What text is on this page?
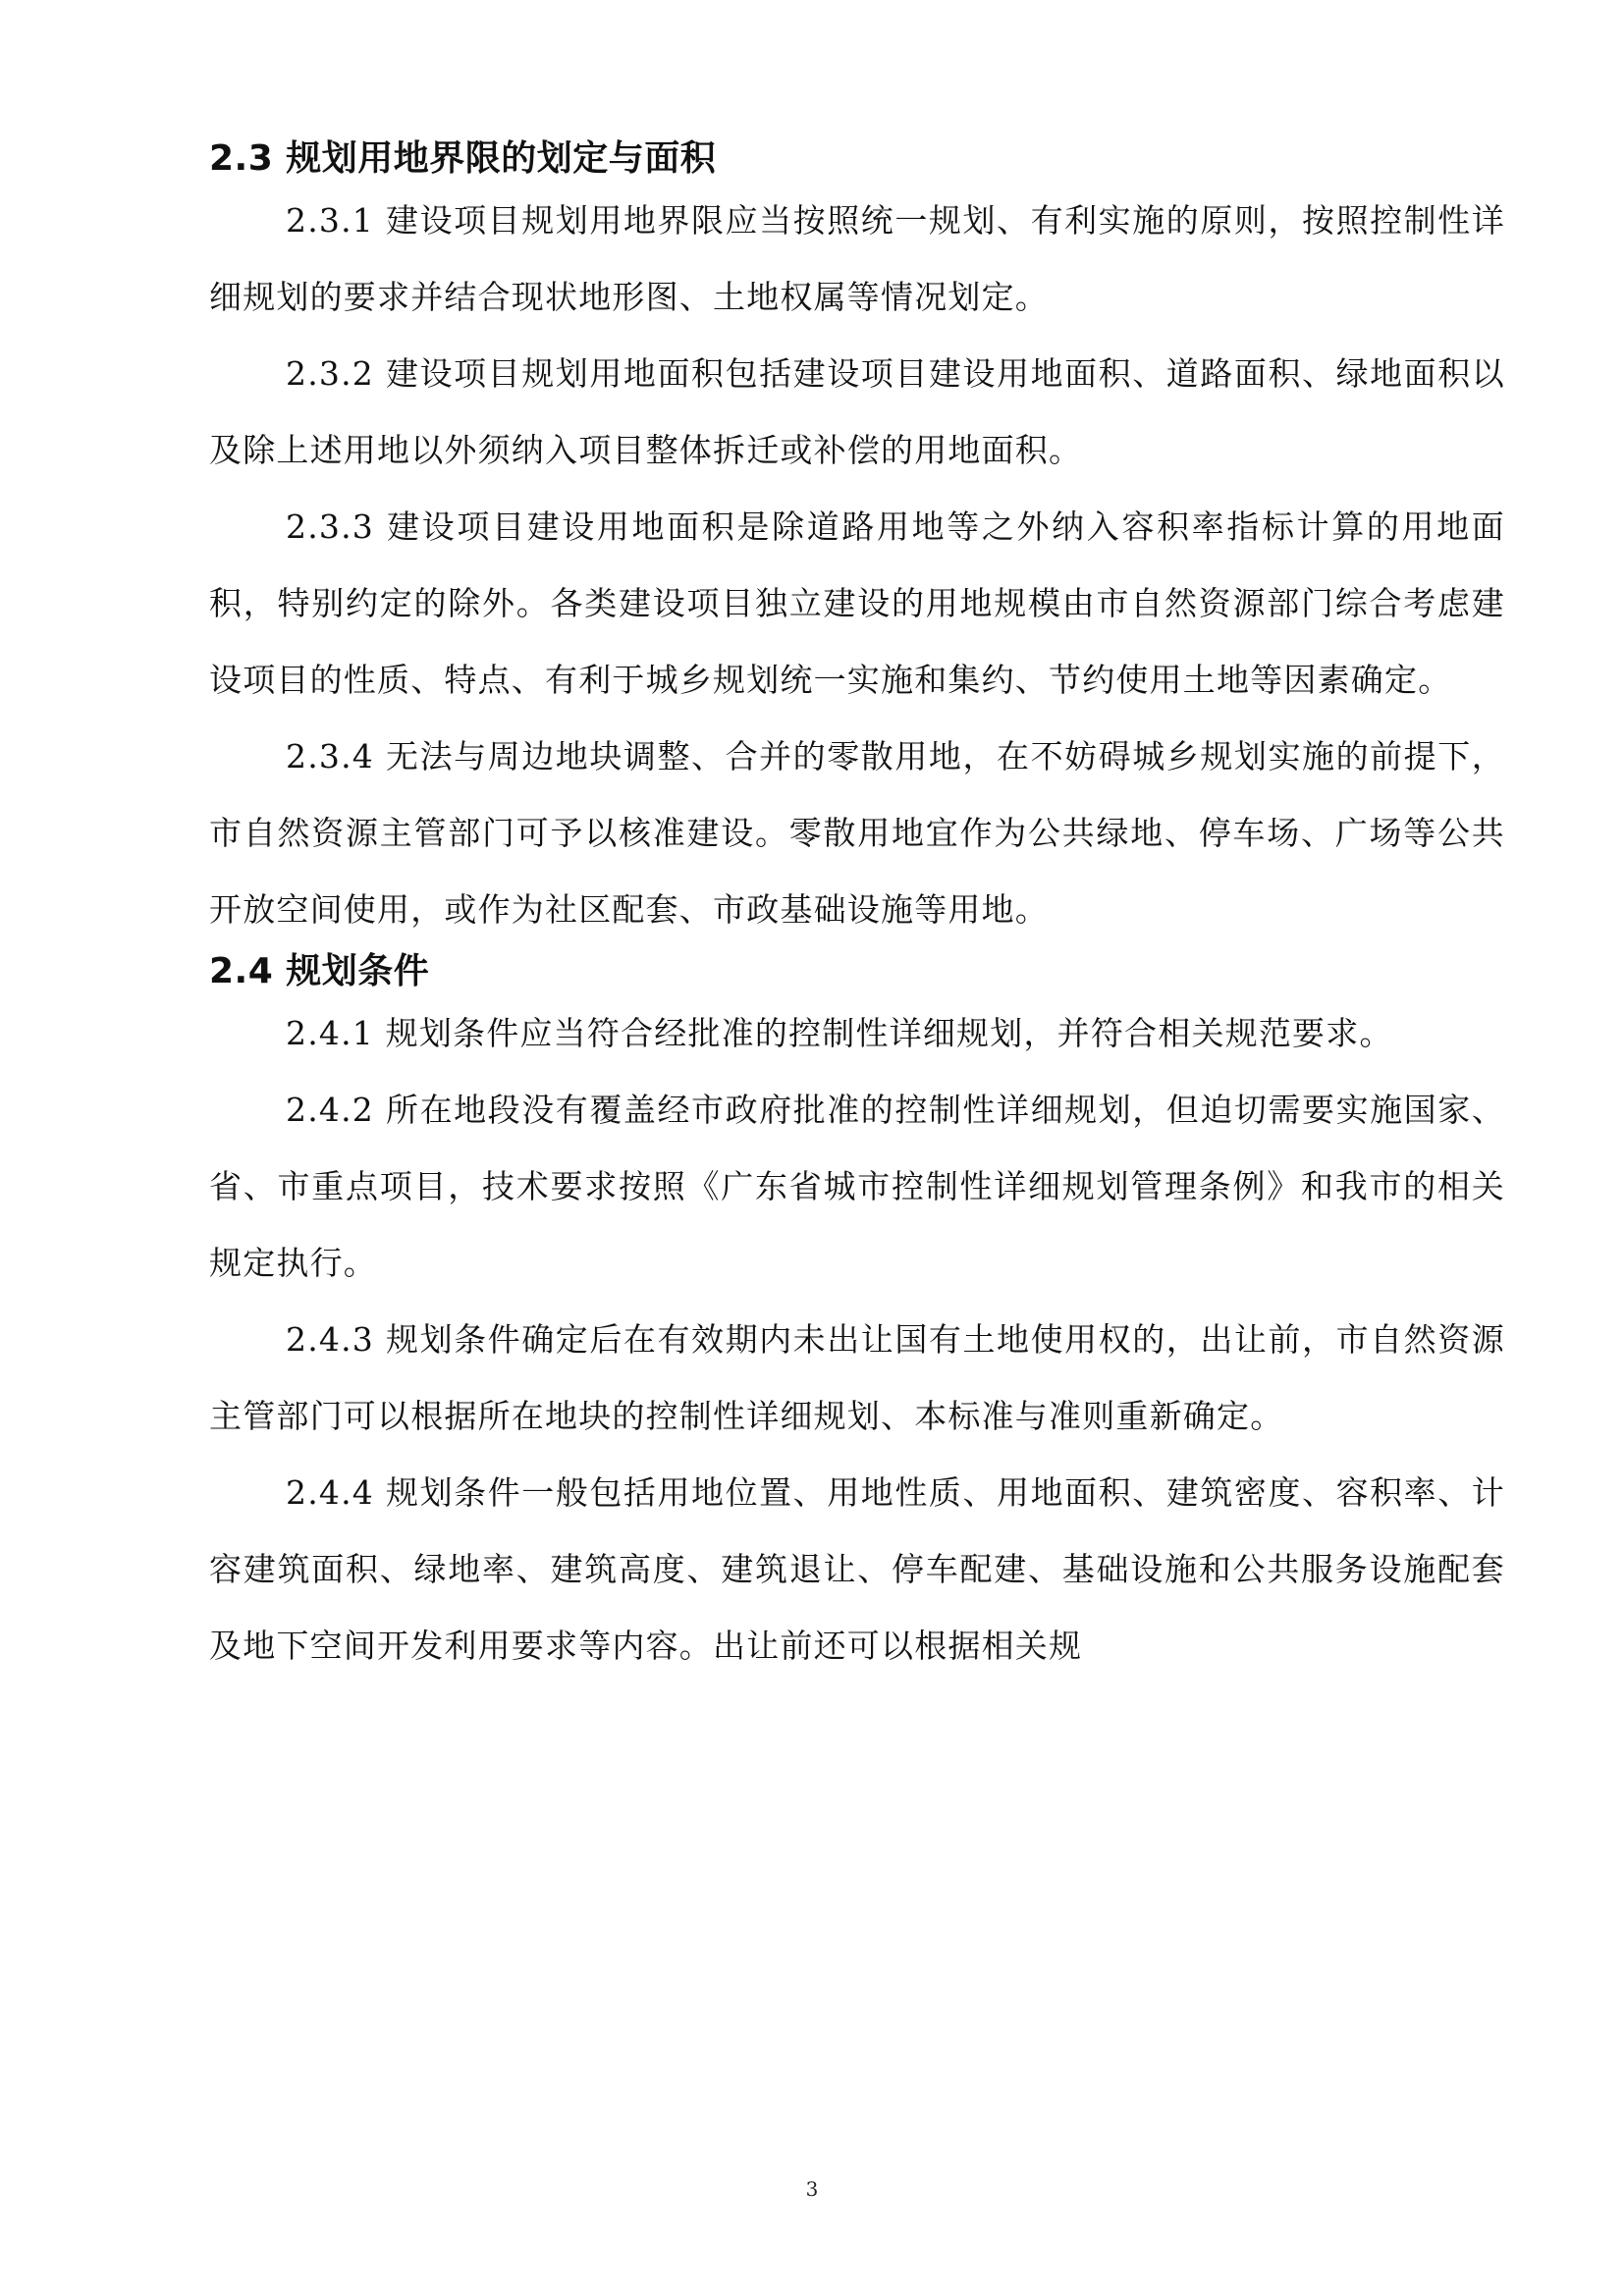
2.3 规划用地界限的划定与面积

2.3.1 建设项目规划用地界限应当按照统一规划、有利实施的原则，按照控制性详细规划的要求并结合现状地形图、土地权属等情况划定。

2.3.2 建设项目规划用地面积包括建设项目建设用地面积、道路面积、绿地面积以及除上述用地以外须纳入项目整体拆迁或补偿的用地面积。

2.3.3 建设项目建设用地面积是除道路用地等之外纳入容积率指标计算的用地面积，特别约定的除外。各类建设项目独立建设的用地规模由市自然资源部门综合考虑建设项目的性质、特点、有利于城乡规划统一实施和集约、节约使用土地等因素确定。

2.3.4 无法与周边地块调整、合并的零散用地，在不妨碍城乡规划实施的前提下，市自然资源主管部门可予以核准建设。零散用地宜作为公共绿地、停车场、广场等公共开放空间使用，或作为社区配套、市政基础设施等用地。

2.4 规划条件

2.4.1 规划条件应当符合经批准的控制性详细规划，并符合相关规范要求。

2.4.2 所在地段没有覆盖经市政府批准的控制性详细规划，但迫切需要实施国家、省、市重点项目，技术要求按照《广东省城市控制性详细规划管理条例》和我市的相关规定执行。

2.4.3 规划条件确定后在有效期内未出让国有土地使用权的，出让前，市自然资源主管部门可以根据所在地块的控制性详细规划、本标准与准则重新确定。

2.4.4 规划条件一般包括用地位置、用地性质、用地面积、建筑密度、容积率、计容建筑面积、绿地率、建筑高度、建筑退让、停车配建、基础设施和公共服务设施配套及地下空间开发利用要求等内容。出让前还可以根据相关规

3
